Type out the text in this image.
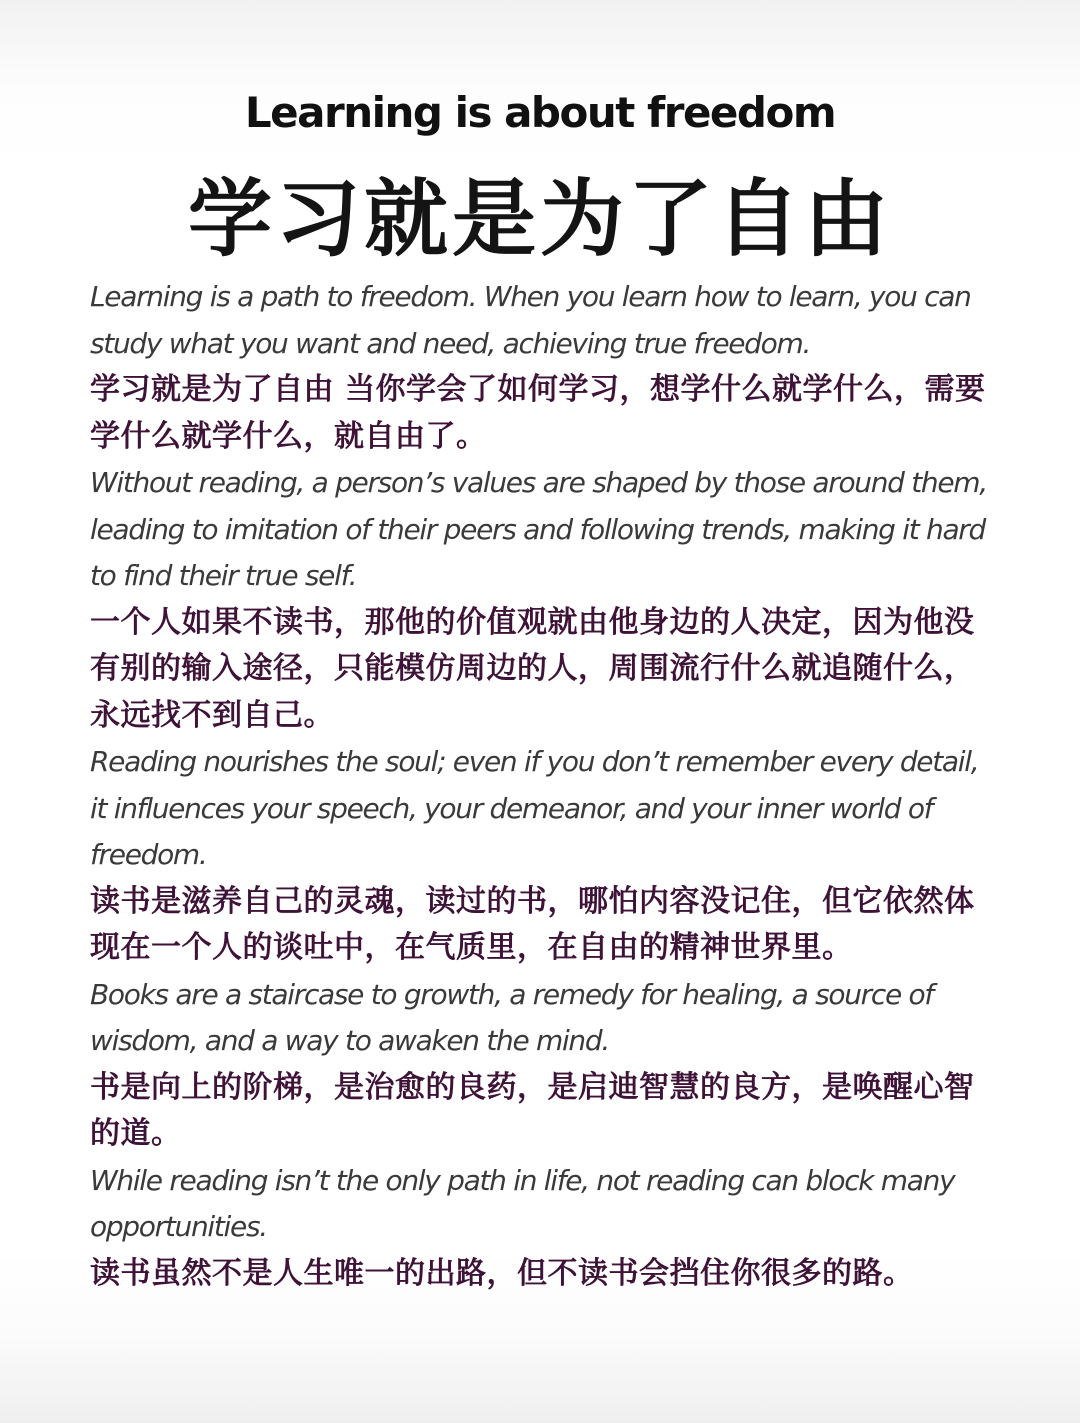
Learning is about freedom
学习就是为了自由

Learning is a path to freedom. When you learn how to learn, you can study what you want and need, achieving true freedom.

学习就是为了自由 当你学会了如何学习，想学什么就学什么，需要学什么就学什么，就自由了。

Without reading, a person’s values are shaped by those around them, leading to imitation of their peers and following trends, making it hard to find their true self.

一个人如果不读书，那他的价值观就由他身边的人决定，因为他没有别的输入途径，只能模仿周边的人，周围流行什么就追随什么，永远找不到自己。

Reading nourishes the soul; even if you don’t remember every detail, it influences your speech, your demeanor, and your inner world of freedom.

读书是滋养自己的灵魂，读过的书，哪怕内容没记住，但它依然体现在一个人的谈吐中，在气质里，在自由的精神世界里。

Books are a staircase to growth, a remedy for healing, a source of wisdom, and a way to awaken the mind.

书是向上的阶梯，是治愈的良药，是启迪智慧的良方，是唤醒心智的道。

While reading isn’t the only path in life, not reading can block many opportunities.

读书虽然不是人生唯一的出路，但不读书会挡住你很多的路。
